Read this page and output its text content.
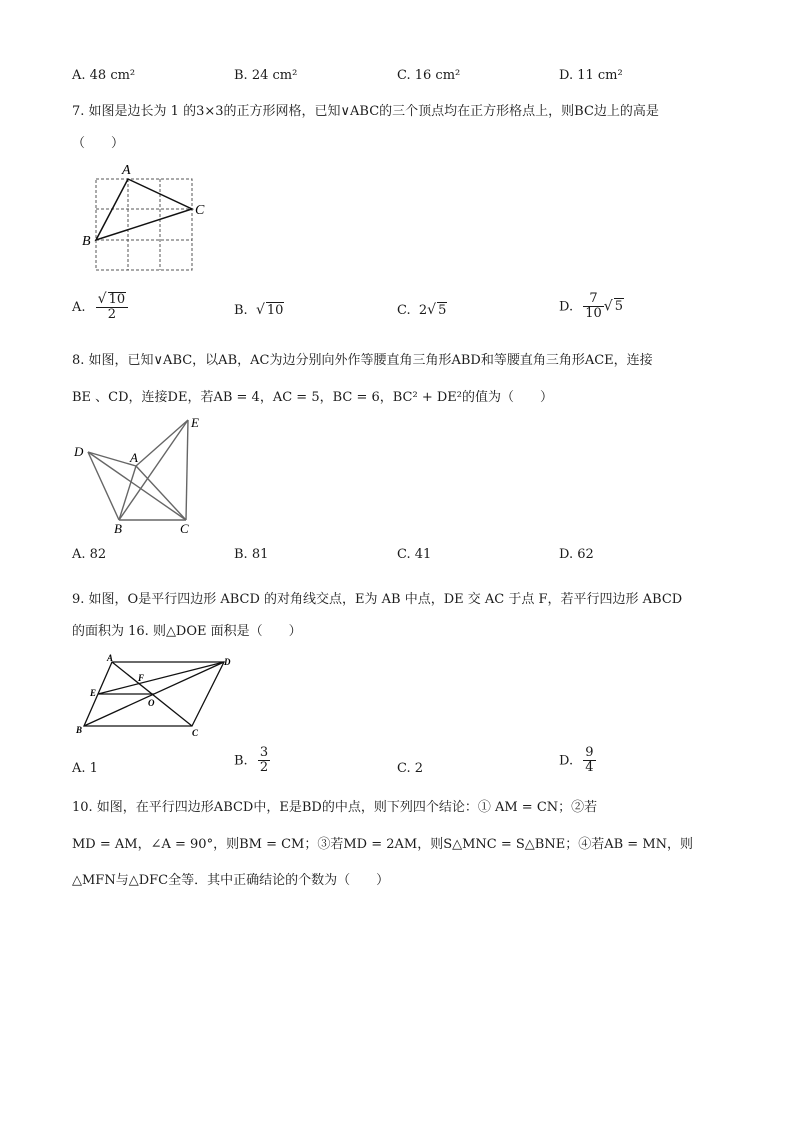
A. 48 cm²	B. 24 cm²	C. 16 cm²	D. 11 cm²
7. 如图是边长为 1 的3×3的正方形网格，已知∨ABC的三个顶点均在正方形格点上，则BC边上的高是
（　　）
A
C
B
A. $\frac{√ 10}{2}$	B. √ 10	C. 2√ 5	D. $\frac{7}{10}$ √ 5
8. 如图，已知∨ABC，以AB，AC为边分别向外作等腰直角三角形ABD和等腰直角三角形ACE，连接
BE 、CD，连接DE，若AB = 4，AC = 5，BC = 6，BC² + DE²的值为（　　）
D	A
E
B	C
A. 82	B. 81	C. 41	D. 62
9. 如图，O是平行四边形 ABCD 的对角线交点，E为 AB 中点，DE 交 AC 于点 F，若平行四边形 ABCD
的面积为 16. 则△DOE 面积是（　　）
A	D
F
E
O
B	C
A. 1
B. $\frac{3}{2}$	C. 2
D. $\frac{9}{4}$
10. 如图，在平行四边形ABCD中，E是BD的中点，则下列四个结论：① AM = CN；②若
MD = AM，∠A = 90°，则BM = CM；③若MD = 2AM，则S△MNC = S△BNE；④若AB = MN，则
△MFN与△DFC全等．其中正确结论的个数为（　　）
